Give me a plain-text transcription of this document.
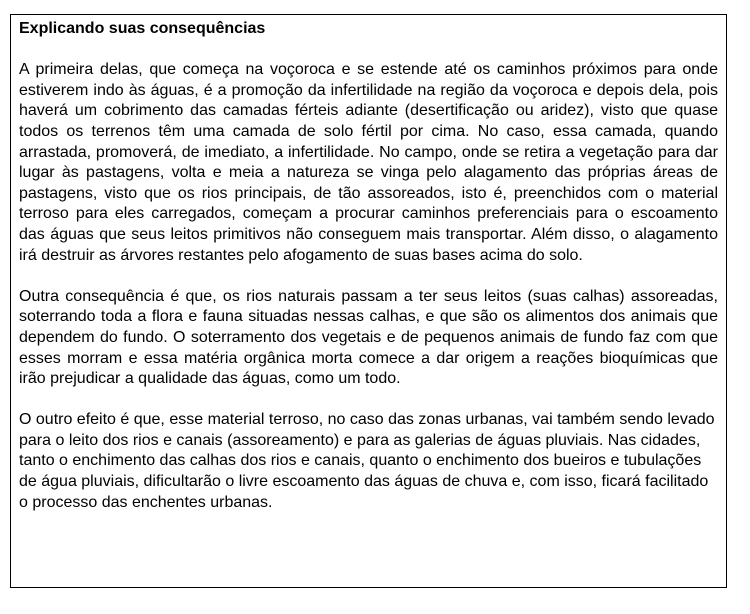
Explicando suas consequências

A primeira delas, que começa na voçoroca e se estende até os caminhos próximos para onde estiverem indo às águas, é a promoção da infertilidade na região da voçoroca e depois dela, pois haverá um cobrimento das camadas férteis adiante (desertificação ou aridez), visto que quase todos os terrenos têm uma camada de solo fértil por cima. No caso, essa camada, quando arrastada, promoverá, de imediato, a infertilidade. No campo, onde se retira a vegetação para dar lugar às pastagens, volta e meia a natureza se vinga pelo alagamento das próprias áreas de pastagens, visto que os rios principais, de tão assoreados, isto é, preenchidos com o material terroso para eles carregados, começam a procurar caminhos preferenciais para o escoamento das águas que seus leitos primitivos não conseguem mais transportar. Além disso, o alagamento irá destruir as árvores restantes pelo afogamento de suas bases acima do solo.

Outra consequência é que, os rios naturais passam a ter seus leitos (suas calhas) assoreadas, soterrando toda a flora e fauna situadas nessas calhas, e que são os alimentos dos animais que dependem do fundo. O soterramento dos vegetais e de pequenos animais de fundo faz com que esses morram e essa matéria orgânica morta comece a dar origem a reações bioquímicas que irão prejudicar a qualidade das águas, como um todo.

O outro efeito é que, esse material terroso, no caso das zonas urbanas, vai também sendo levado para o leito dos rios e canais (assoreamento) e para as galerias de águas pluviais. Nas cidades, tanto o enchimento das calhas dos rios e canais, quanto o enchimento dos bueiros e tubulações de água pluviais, dificultarão o livre escoamento das águas de chuva e, com isso, ficará facilitado o processo das enchentes urbanas.
